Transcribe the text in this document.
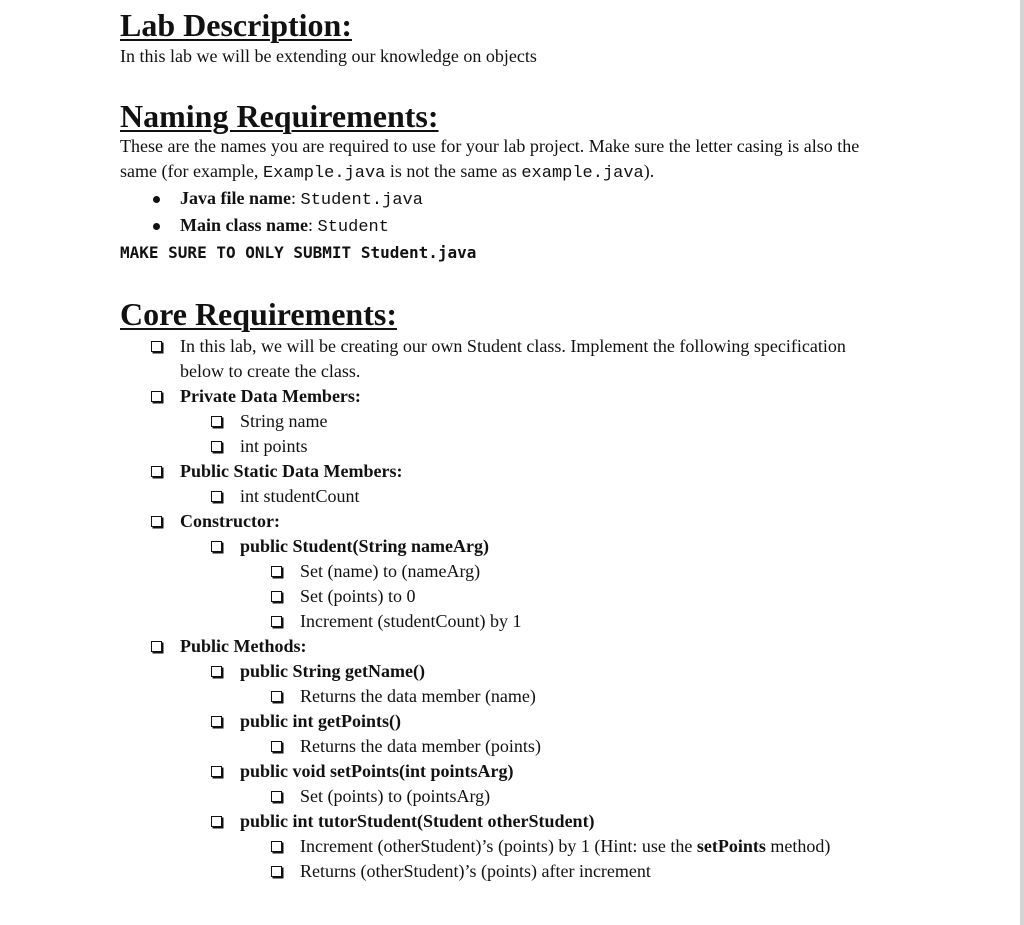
Lab Description:
In this lab we will be extending our knowledge on objects
Naming Requirements:

These are the names you are required to use for your lab project. Make sure the letter casing is also the
same (for example, Example.java is not the same as example.java).

Java file name: Student.java
Main class name: Student
MAKE SURE TO ONLY SUBMIT Student.java
Core Requirements:
In this lab, we will be creating our own Student class. Implement the following specification
below to create the class.
Private Data Members:
String name
int points
Public Static Data Members:
int studentCount
Constructor:
public Student(String nameArg)
Set (name) to (nameArg)
Set (points) to 0
Increment (studentCount) by 1
Public Methods:
public String getName()
Returns the data member (name)
public int getPoints()
Returns the data member (points)
public void setPoints(int pointsArg)
Set (points) to (pointsArg)
public int tutorStudent(Student otherStudent)
Increment (otherStudent)’s (points) by 1 (Hint: use the setPoints method)
Returns (otherStudent)’s (points) after increment
